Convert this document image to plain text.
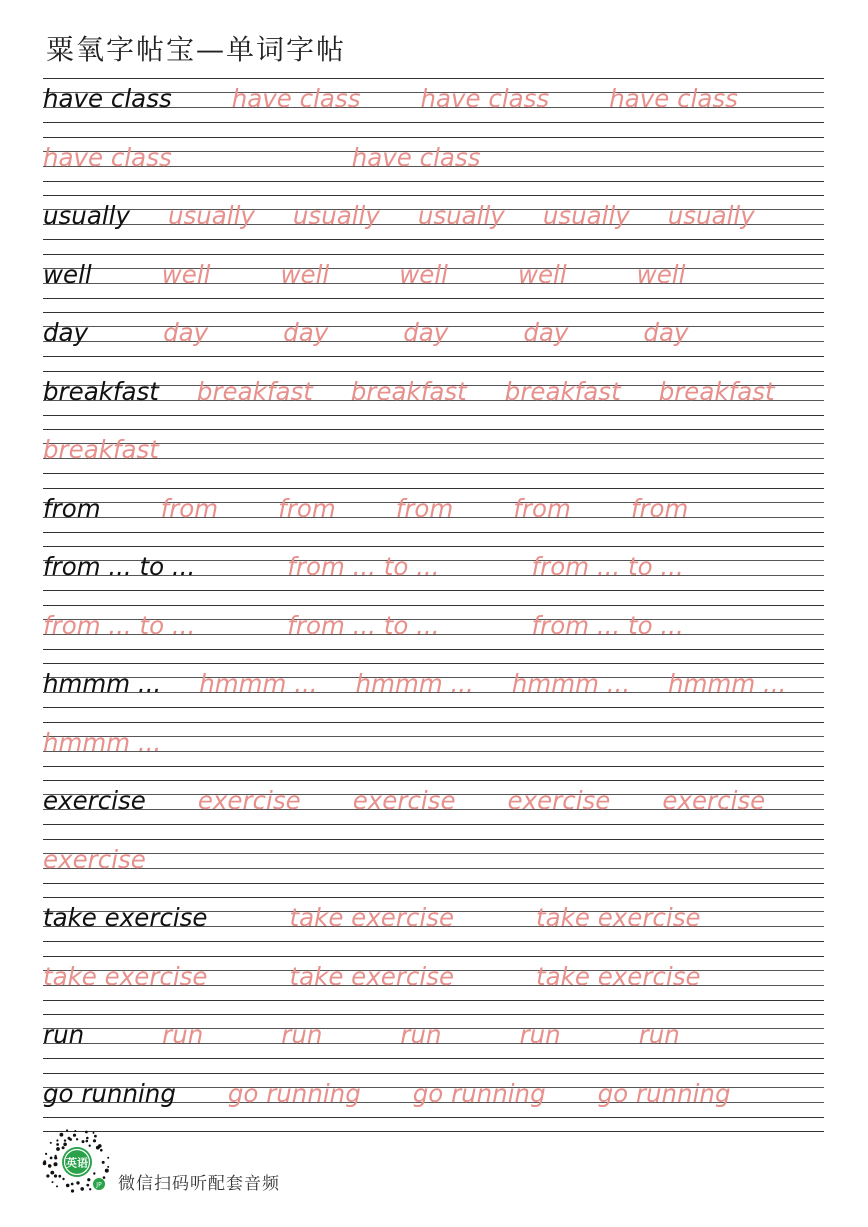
粟氧字帖宝—单词字帖
have class have class have class have class
have class	have class
usually usually usually usually usually usually
well	well	well	well	well	well
day	day	day	day	day	day
breakfast breakfast breakfast breakfast breakfast
breakfast
from from from from from from
from ... to ...	from ... to ...	from ... to ...
from ... to ...	from ... to ...	from ... to ...
hmmm ... hmmm ... hmmm ... hmmm ... hmmm ...
hmmm ...
exercise exercise exercise exercise exercise
exercise
take exercise	take exercise	take exercise
take exercise	take exercise	take exercise
run	run	run	run	run	run
go running go running go running go running
英语
JP 微信扫码听配套音频
